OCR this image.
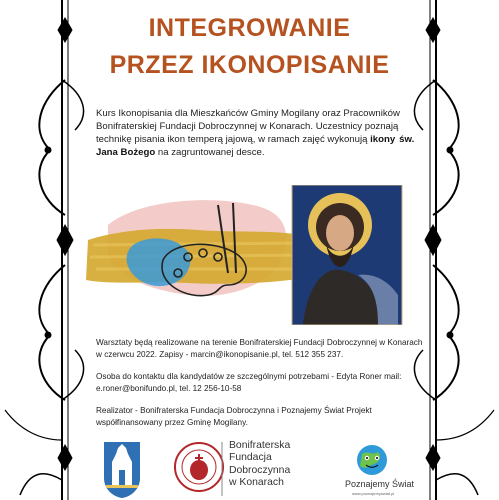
INTEGROWANIE
PRZEZ IKONOPISANIE
Kurs Ikonopisania dla Mieszkańców Gminy Mogilany oraz Pracowników Bonifraterskiej Fundacji Dobroczynnej w Konarach. Uczestnicy poznają technikę pisania ikon temperą jajową, w ramach zajęć wykonują ikony św. Jana Bożego na zagruntowanej desce.
Warsztaty będą realizowane na terenie Bonifraterskiej Fundacji Dobroczynnej w Konarach w czerwcu 2022. Zapisy - marcin@ikonopisanie.pl, tel. 512 355 237.
Osoba do kontaktu dla kandydatów ze szczególnymi potrzebami - Edyta Roner mail: e.roner@bonifundo.pl, tel. 12 256-10-58
Realizator - Bonifraterska Fundacja Dobroczynna i Poznajemy Świat Projekt współfinansowany przez Gminę Mogilany.
Bonifraterska
Fundacja
Dobroczynna
w Konarach	Poznajemy Świat
www.poznajemyswiat.pl
